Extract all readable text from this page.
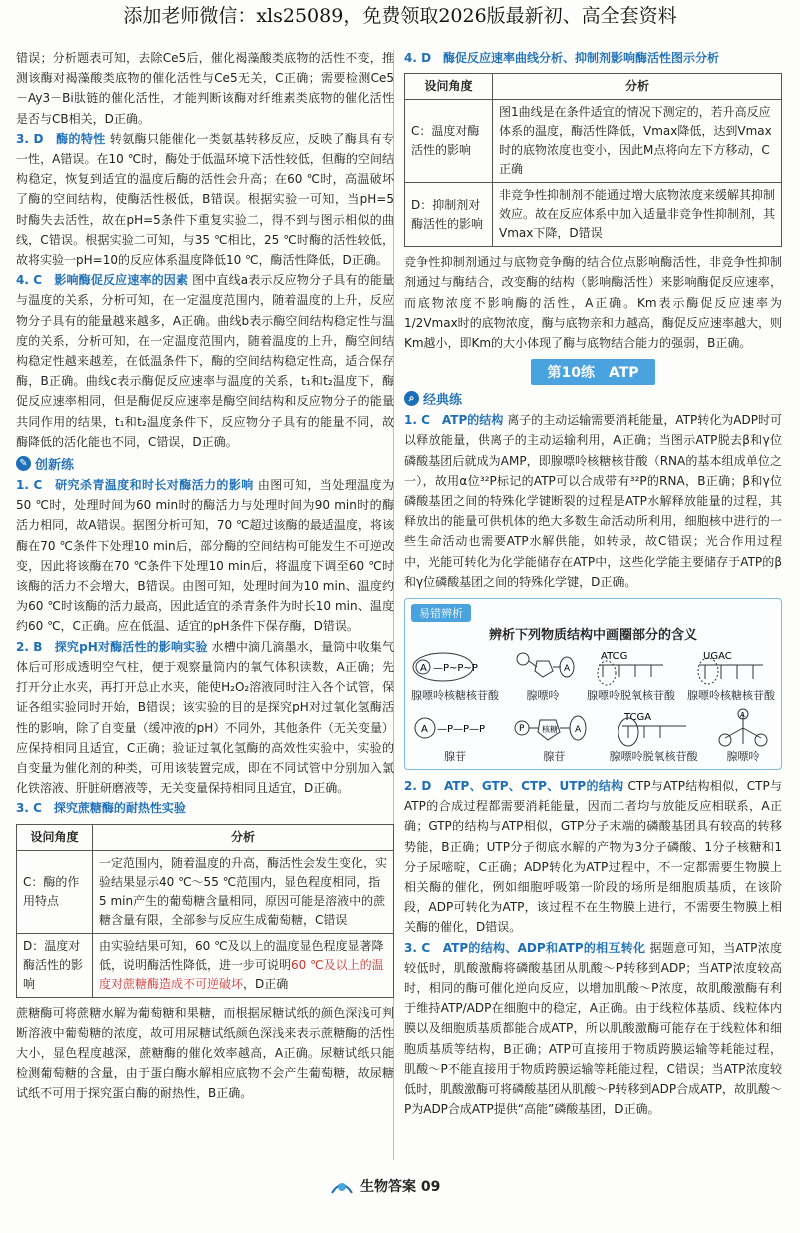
添加老师微信：xls25089，免费领取2026版最新初、高全套资料

错误；分析题表可知，去除Ce5后，催化褐藻酸类底物的活性不变，推测该酶对褐藻酸类底物的催化活性与Ce5无关，C正确；需要检测Ce5－Ay3－Bi肽链的催化活性，才能判断该酶对纤维素类底物的催化活性是否与CB相关，D正确。

3. D　酶的特性 转氨酶只能催化一类氨基转移反应，反映了酶具有专一性，A错误。在10 ℃时，酶处于低温环境下活性较低，但酶的空间结构稳定，恢复到适宜的温度后酶的活性会升高；在60 ℃时，高温破坏了酶的空间结构，使酶活性极低，B错误。根据实验一可知，当pH=5时酶失去活性，故在pH=5条件下重复实验二，得不到与图示相似的曲线，C错误。根据实验二可知，与35 ℃相比，25 ℃时酶的活性较低，故将实验一pH=10的反应体系温度降低10 ℃，酶活性降低，D正确。

4. C　影响酶促反应速率的因素 图中直线a表示反应物分子具有的能量与温度的关系，分析可知，在一定温度范围内，随着温度的上升，反应物分子具有的能量越来越多，A正确。曲线b表示酶空间结构稳定性与温度的关系，分析可知，在一定温度范围内，随着温度的上升，酶空间结构稳定性越来越差，在低温条件下，酶的空间结构稳定性高，适合保存酶，B正确。曲线c表示酶促反应速率与温度的关系，t₁和t₂温度下，酶促反应速率相同，但是酶促反应速率是酶空间结构和反应物分子的能量共同作用的结果，t₁和t₂温度条件下，反应物分子具有的能量不同，故酶降低的活化能也不同，C错误，D正确。

✎ 创新练

1. C　研究杀青温度和时长对酶活力的影响 由图可知，当处理温度为50 ℃时，处理时间为60 min时的酶活力与处理时间为90 min时的酶活力相同，故A错误。据图分析可知，70 ℃超过该酶的最适温度，将该酶在70 ℃条件下处理10 min后，部分酶的空间结构可能发生不可逆改变，因此将该酶在70 ℃条件下处理10 min后，将温度下调至60 ℃时该酶的活力不会增大，B错误。由图可知，处理时间为10 min、温度约为60 ℃时该酶的活力最高，因此适宜的杀青条件为时长10 min、温度约60 ℃，C正确。应在低温、适宜的pH条件下保存酶，D错误。

2. B　探究pH对酶活性的影响实验 水槽中滴几滴墨水，量筒中收集气体后可形成透明空气柱，便于观察量筒内的氧气体积读数，A正确；先打开分止水夹，再打开总止水夹，能使H₂O₂溶液同时注入各个试管，保证各组实验同时开始，B错误；该实验的目的是探究pH对过氧化氢酶活性的影响，除了自变量（缓冲液的pH）不同外，其他条件（无关变量）应保持相同且适宜，C正确；验证过氧化氢酶的高效性实验中，实验的自变量为催化剂的种类，可用该装置完成，即在不同试管中分别加入氯化铁溶液、肝脏研磨液等，无关变量保持相同且适宜，D正确。

3. C　探究蔗糖酶的耐热性实验

设问角度	分析
C：酶的作用特点	一定范围内，随着温度的升高，酶活性会发生变化，实验结果显示40 ℃～55 ℃范围内，显色程度相同，指5 min产生的葡萄糖含量相同，原因可能是溶液中的蔗糖含量有限，全部参与反应生成葡萄糖，C错误
D：温度对酶活性的影响	由实验结果可知，60 ℃及以上的温度显色程度显著降低，说明酶活性降低，进一步可说明60 ℃及以上的温度对蔗糖酶造成不可逆破坏，D正确

蔗糖酶可将蔗糖水解为葡萄糖和果糖，而根据尿糖试纸的颜色深浅可判断溶液中葡萄糖的浓度，故可用尿糖试纸颜色深浅来表示蔗糖酶的活性大小，显色程度越深，蔗糖酶的催化效率越高，A正确。尿糖试纸只能检测葡萄糖的含量，由于蛋白酶水解相应底物不会产生葡萄糖，故尿糖试纸不可用于探究蛋白酶的耐热性，B正确。

4. D　酶促反应速率曲线分析、抑制剂影响酶活性图示分析

设问角度	分析
C：温度对酶活性的影响	图1曲线是在条件适宜的情况下测定的，若升高反应体系的温度，酶活性降低，Vmax降低，达到Vmax时的底物浓度也变小，因此M点将向左下方移动，C正确
D：抑制剂对酶活性的影响	非竞争性抑制剂不能通过增大底物浓度来缓解其抑制效应。故在反应体系中加入适量非竞争性抑制剂，其Vmax下降，D错误

竞争性抑制剂通过与底物竞争酶的结合位点影响酶活性，非竞争性抑制剂通过与酶结合，改变酶的结构（影响酶活性）来影响酶促反应速率，而底物浓度不影响酶的活性，A正确。Km表示酶促反应速率为1/2Vmax时的底物浓度，酶与底物亲和力越高，酶促反应速率越大，则Km越小，即Km的大小体现了酶与底物结合能力的强弱，B正确。

第10练　ATP
⌕ 经典练

1. C　ATP的结构 离子的主动运输需要消耗能量，ATP转化为ADP时可以释放能量，供离子的主动运输利用，A正确；当图示ATP脱去β和γ位磷酸基团后就成为AMP，即腺嘌呤核糖核苷酸（RNA的基本组成单位之一），故用α位³²P标记的ATP可以合成带有³²P的RNA，B正确；β和γ位磷酸基团之间的特殊化学键断裂的过程是ATP水解释放能量的过程，其释放出的能量可供机体的绝大多数生命活动所利用，细胞核中进行的一些生命活动也需要ATP水解供能，如转录，故C错误；光合作用过程中，光能可转化为化学能储存在ATP中，这些化学能主要储存于ATP的β和γ位磷酸基团之间的特殊化学键，D正确。

易错辨析
辨析下列物质结构中画圈部分的含义
A —P~P~P
腺嘌呤核糖核苷酸
A
腺嘌呤
ATCG
腺嘌呤脱氧核苷酸
UGAC
腺嘌呤核糖核苷酸
A —P—P—P
腺苷
P 核糖 A
腺苷
TCGA
腺嘌呤脱氧核苷酸
A
腺嘌呤

2. D　ATP、GTP、CTP、UTP的结构 CTP与ATP结构相似，CTP与ATP的合成过程都需要消耗能量，因而二者均与放能反应相联系，A正确；GTP的结构与ATP相似，GTP分子末端的磷酸基团具有较高的转移势能，B正确；UTP分子彻底水解的产物为3分子磷酸、1分子核糖和1分子尿嘧啶，C正确；ADP转化为ATP过程中，不一定都需要生物膜上相关酶的催化，例如细胞呼吸第一阶段的场所是细胞质基质，在该阶段，ADP可转化为ATP，该过程不在生物膜上进行，不需要生物膜上相关酶的催化，D错误。

3. C　ATP的结构、ADP和ATP的相互转化 据题意可知，当ATP浓度较低时，肌酸激酶将磷酸基团从肌酸～P转移到ADP；当ATP浓度较高时，相同的酶可催化逆向反应，以增加肌酸～P浓度，故肌酸激酶有利于维持ATP/ADP在细胞中的稳定，A正确。由于线粒体基质、线粒体内膜以及细胞质基质都能合成ATP，所以肌酸激酶可能存在于线粒体和细胞质基质等结构，B正确；ATP可直接用于物质跨膜运输等耗能过程，肌酸～P不能直接用于物质跨膜运输等耗能过程，C错误；当ATP浓度较低时，肌酸激酶可将磷酸基团从肌酸～P转移到ADP合成ATP，故肌酸～P为ADP合成ATP提供“高能”磷酸基团，D正确。

生物答案 09
